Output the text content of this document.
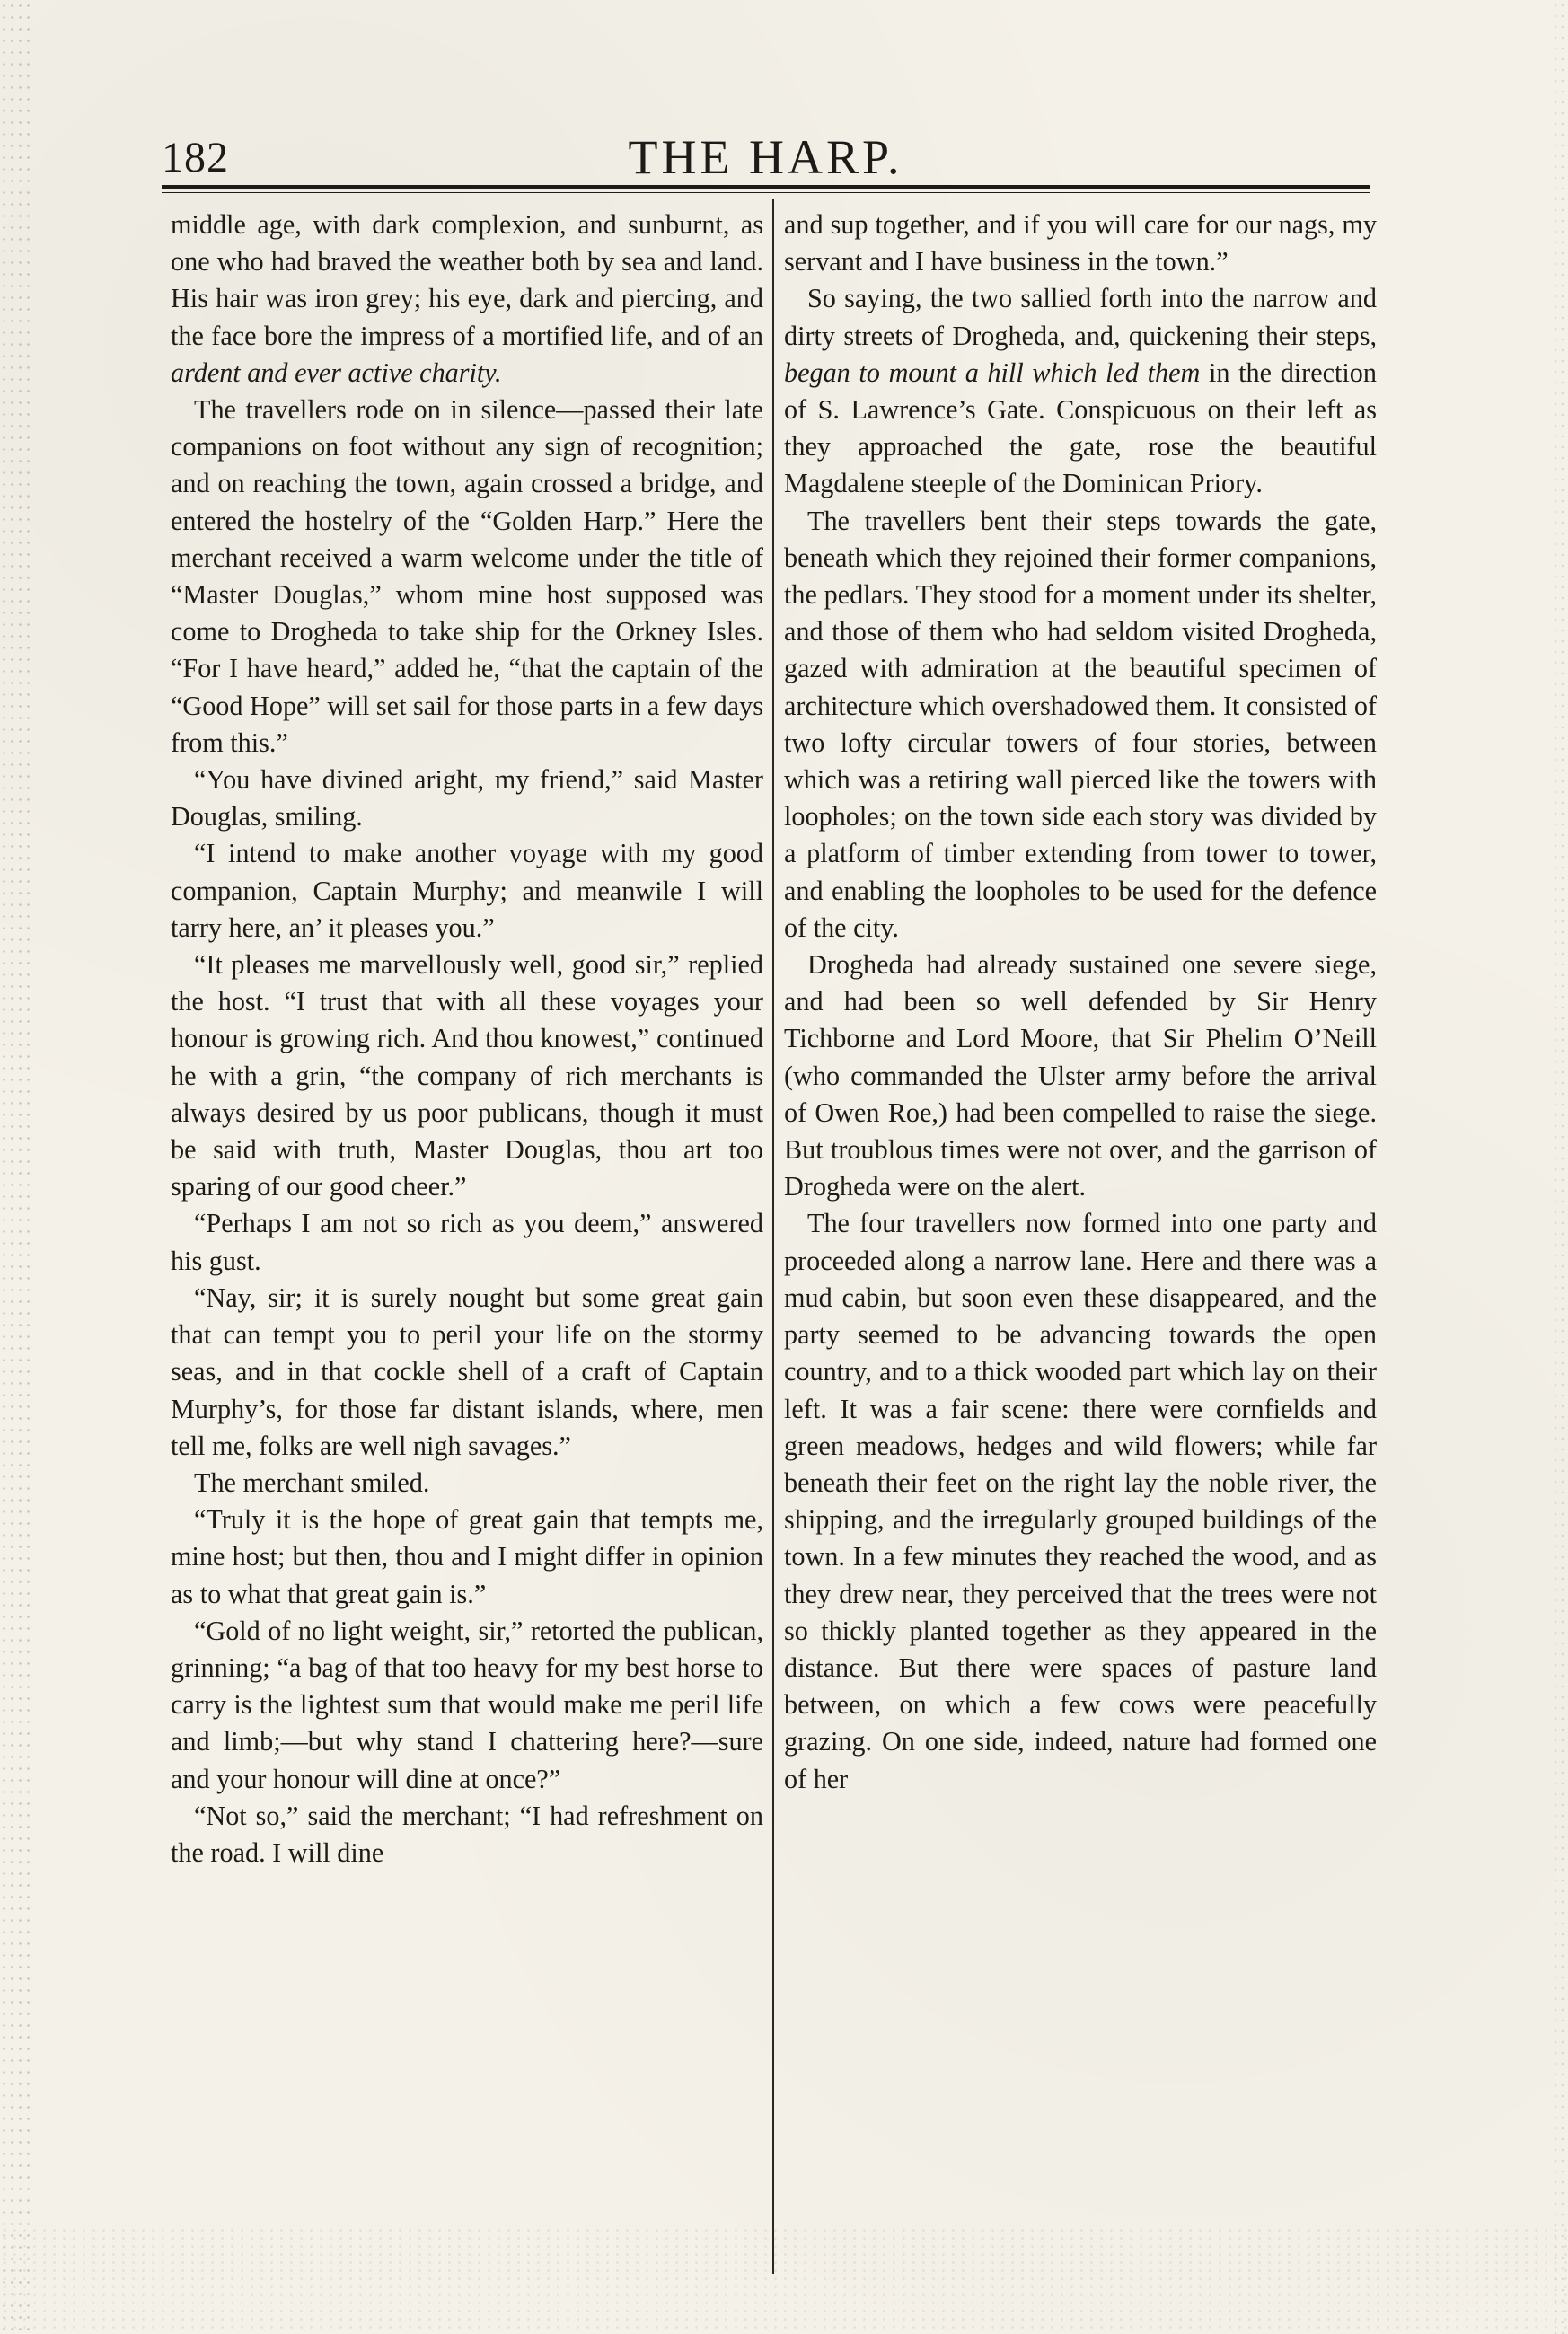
182	THE HARP.

middle age, with dark complexion, and sunburnt, as one who had braved the weather both by sea and land. His hair was iron grey; his eye, dark and piercing, and the face bore the impress of a mortified life, and of an ardent and ever active charity.

The travellers rode on in silence—passed their late companions on foot without any sign of recognition; and on reaching the town, again crossed a bridge, and entered the hostelry of the “Golden Harp.” Here the merchant received a warm welcome under the title of “Master Douglas,” whom mine host supposed was come to Drogheda to take ship for the Orkney Isles. “For I have heard,” added he, “that the captain of the “Good Hope” will set sail for those parts in a few days from this.”

“You have divined aright, my friend,” said Master Douglas, smiling.

“I intend to make another voyage with my good companion, Captain Murphy; and meanwile I will tarry here, an’ it pleases you.”

“It pleases me marvellously well, good sir,” replied the host. “I trust that with all these voyages your honour is growing rich. And thou knowest,” continued he with a grin, “the company of rich merchants is always desired by us poor publicans, though it must be said with truth, Master Douglas, thou art too sparing of our good cheer.”

“Perhaps I am not so rich as you deem,” answered his gust.

“Nay, sir; it is surely nought but some great gain that can tempt you to peril your life on the stormy seas, and in that cockle shell of a craft of Captain Murphy’s, for those far distant islands, where, men tell me, folks are well nigh savages.”

The merchant smiled.

“Truly it is the hope of great gain that tempts me, mine host; but then, thou and I might differ in opinion as to what that great gain is.”

“Gold of no light weight, sir,” retorted the publican, grinning; “a bag of that too heavy for my best horse to carry is the lightest sum that would make me peril life and limb;—but why stand I chattering here?—sure and your honour will dine at once?”

“Not so,” said the merchant; “I had refreshment on the road. I will dine

and sup together, and if you will care for our nags, my servant and I have business in the town.”

So saying, the two sallied forth into the narrow and dirty streets of Drogheda, and, quickening their steps, began to mount a hill which led them in the direction of S. Lawrence’s Gate. Conspicuous on their left as they approached the gate, rose the beautiful Magdalene steeple of the Dominican Priory.

The travellers bent their steps towards the gate, beneath which they rejoined their former companions, the pedlars. They stood for a moment under its shelter, and those of them who had seldom visited Drogheda, gazed with admiration at the beautiful specimen of architecture which overshadowed them. It consisted of two lofty circular towers of four stories, between which was a retiring wall pierced like the towers with loopholes; on the town side each story was divided by a platform of timber extending from tower to tower, and enabling the loopholes to be used for the defence of the city.

Drogheda had already sustained one severe siege, and had been so well defended by Sir Henry Tichborne and Lord Moore, that Sir Phelim O’Neill (who commanded the Ulster army before the arrival of Owen Roe,) had been compelled to raise the siege. But troublous times were not over, and the garrison of Drogheda were on the alert.

The four travellers now formed into one party and proceeded along a narrow lane. Here and there was a mud cabin, but soon even these disappeared, and the party seemed to be advancing towards the open country, and to a thick wooded part which lay on their left. It was a fair scene: there were cornfields and green meadows, hedges and wild flowers; while far beneath their feet on the right lay the noble river, the shipping, and the irregularly grouped buildings of the town. In a few minutes they reached the wood, and as they drew near, they perceived that the trees were not so thickly planted together as they appeared in the distance. But there were spaces of pasture land between, on which a few cows were peacefully grazing. On one side, indeed, nature had formed one of her
